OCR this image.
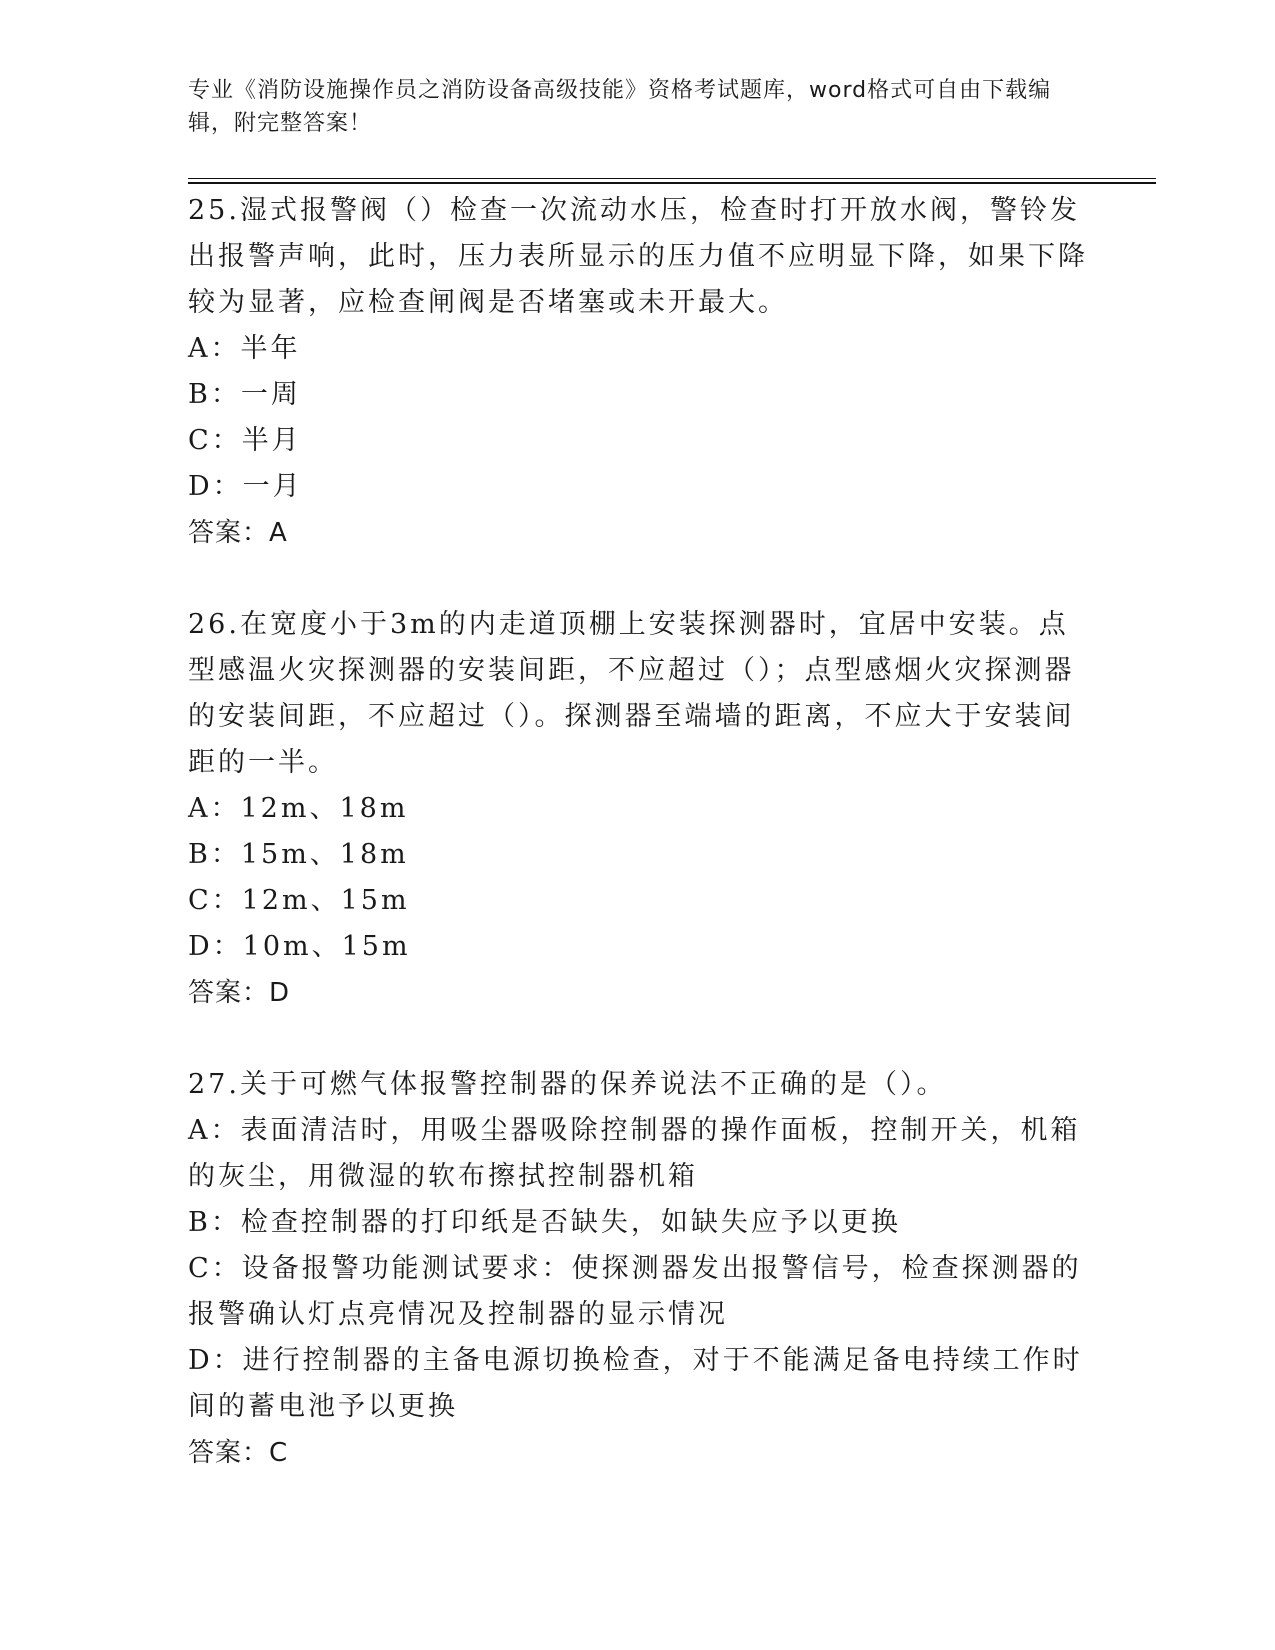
专业《消防设施操作员之消防设备高级技能》资格考试题库，word格式可自由下载编辑，附完整答案！
25.湿式报警阀（）检查一次流动水压，检查时打开放水阀，警铃发出报警声响，此时，压力表所显示的压力值不应明显下降，如果下降较为显著，应检查闸阀是否堵塞或未开最大。
A：半年
B：一周
C：半月
D：一月
答案：A
26.在宽度小于3m的内走道顶棚上安装探测器时，宜居中安装。点型感温火灾探测器的安装间距，不应超过（）；点型感烟火灾探测器的安装间距，不应超过（）。探测器至端墙的距离，不应大于安装间距的一半。
A：12m、18m
B：15m、18m
C：12m、15m
D：10m、15m
答案：D
27.关于可燃气体报警控制器的保养说法不正确的是（）。
A：表面清洁时，用吸尘器吸除控制器的操作面板，控制开关，机箱的灰尘，用微湿的软布擦拭控制器机箱
B：检查控制器的打印纸是否缺失，如缺失应予以更换
C：设备报警功能测试要求：使探测器发出报警信号，检查探测器的报警确认灯点亮情况及控制器的显示情况
D：进行控制器的主备电源切换检查，对于不能满足备电持续工作时间的蓄电池予以更换
答案：C
